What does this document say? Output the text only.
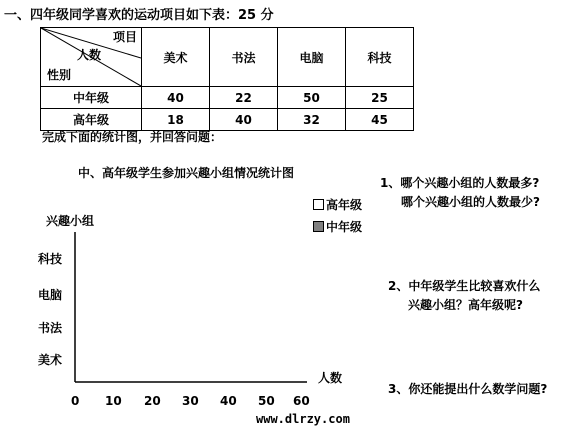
一、四年级同学喜欢的运动项目如下表：25 分
项目
人数
性别	美术	书法	电脑	科技
中年级	40	22	50	25
高年级	18	40	32	45
完成下面的统计图，并回答问题：
中、高年级学生参加兴趣小组情况统计图
兴趣小组
科技
电脑
书法
美术
0 10 20 30 40 50 60
人数
高年级
中年级
1、哪个兴趣小组的人数最多?
哪个兴趣小组的人数最少?
2、中年级学生比较喜欢什么
兴趣小组？高年级呢?
3、你还能提出什么数学问题?
www.dlrzy.com
